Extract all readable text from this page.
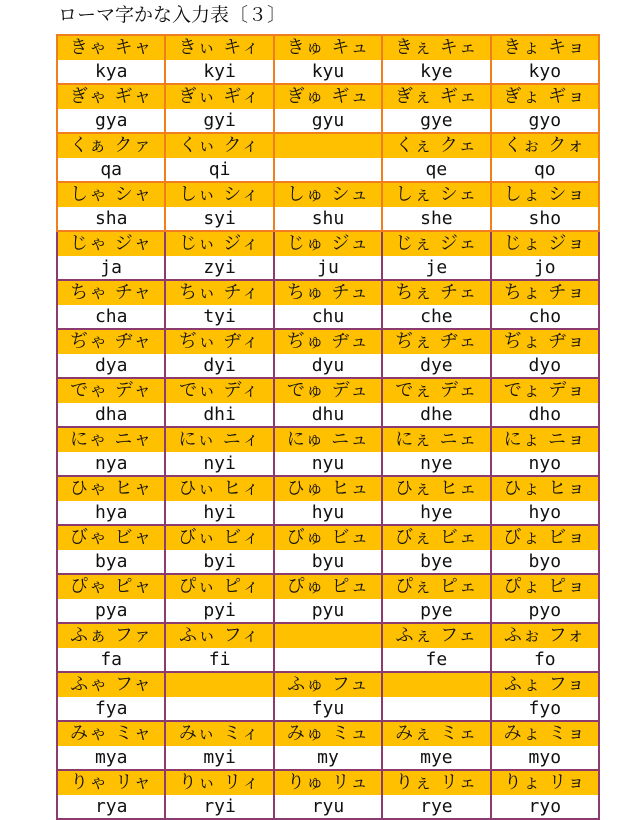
ローマ字かな入力表〔３〕
きゃ キャ	きぃ キィ	きゅ キュ	きぇ キェ	きょ キョ
kya	kyi	kyu	kye	kyo
ぎゃ ギャ	ぎぃ ギィ	ぎゅ ギュ	ぎぇ ギェ	ぎょ ギョ
gya	gyi	gyu	gye	gyo
くぁ クァ	くぃ クィ		くぇ クェ	くぉ クォ
qa	qi		qe	qo
しゃ シャ	しぃ シィ	しゅ シュ	しぇ シェ	しょ ショ
sha	syi	shu	she	sho
じゃ ジャ	じぃ ジィ	じゅ ジュ	じぇ ジェ	じょ ジョ
ja	zyi	ju	je	jo
ちゃ チャ	ちぃ チィ	ちゅ チュ	ちぇ チェ	ちょ チョ
cha	tyi	chu	che	cho
ぢゃ ヂャ	ぢぃ ヂィ	ぢゅ ヂュ	ぢぇ ヂェ	ぢょ ヂョ
dya	dyi	dyu	dye	dyo
でゃ デャ	でぃ ディ	でゅ デュ	でぇ デェ	でょ デョ
dha	dhi	dhu	dhe	dho
にゃ ニャ	にぃ ニィ	にゅ ニュ	にぇ ニェ	にょ ニョ
nya	nyi	nyu	nye	nyo
ひゃ ヒャ	ひぃ ヒィ	ひゅ ヒュ	ひぇ ヒェ	ひょ ヒョ
hya	hyi	hyu	hye	hyo
びゃ ビャ	びぃ ビィ	びゅ ビュ	びぇ ビェ	びょ ビョ
bya	byi	byu	bye	byo
ぴゃ ピャ	ぴぃ ピィ	ぴゅ ピュ	ぴぇ ピェ	ぴょ ピョ
pya	pyi	pyu	pye	pyo
ふぁ ファ	ふぃ フィ		ふぇ フェ	ふぉ フォ
fa	fi		fe	fo
ふゃ フャ		ふゅ フュ		ふょ フョ
fya		fyu		fyo
みゃ ミャ	みぃ ミィ	みゅ ミュ	みぇ ミェ	みょ ミョ
mya	myi	my	mye	myo
りゃ リャ	りぃ リィ	りゅ リュ	りぇ リェ	りょ リョ
rya	ryi	ryu	rye	ryo
